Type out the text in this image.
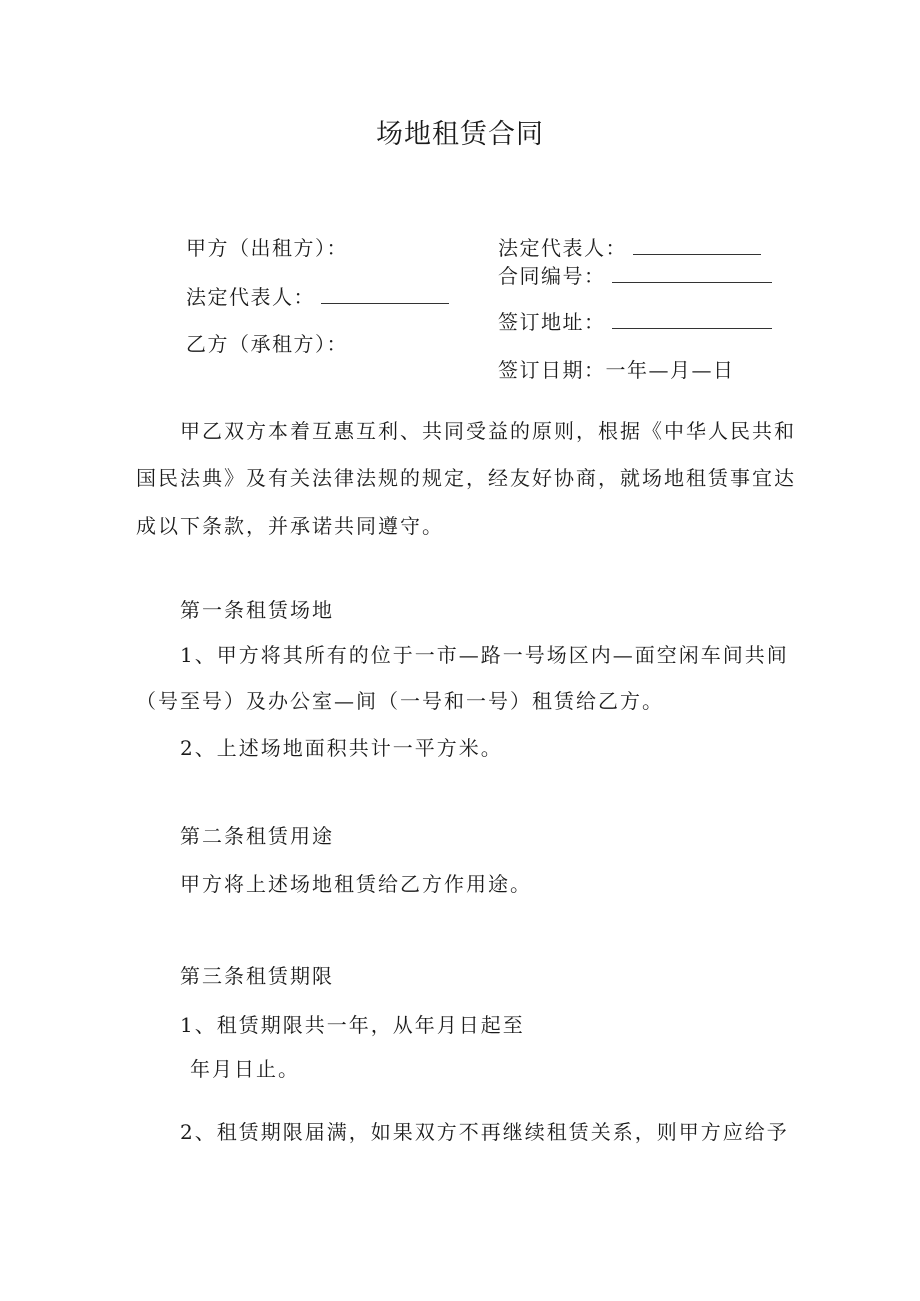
场地租赁合同
甲方（出租方）：
法定代表人：
乙方（承租方）：
法定代表人：
合同编号：
签订地址：
签订日期：一年—月—日
甲乙双方本着互惠互利、共同受益的原则，根据《中华人民共和
国民法典》及有关法律法规的规定，经友好协商，就场地租赁事宜达
成以下条款，并承诺共同遵守。
第一条租赁场地
1、甲方将其所有的位于一市—路一号场区内—面空闲车间共间
（号至号）及办公室—间（一号和一号）租赁给乙方。
2、上述场地面积共计一平方米。
第二条租赁用途
甲方将上述场地租赁给乙方作用途。
第三条租赁期限
1、租赁期限共一年，从年月日起至
年月日止。
2、租赁期限届满，如果双方不再继续租赁关系，则甲方应给予
